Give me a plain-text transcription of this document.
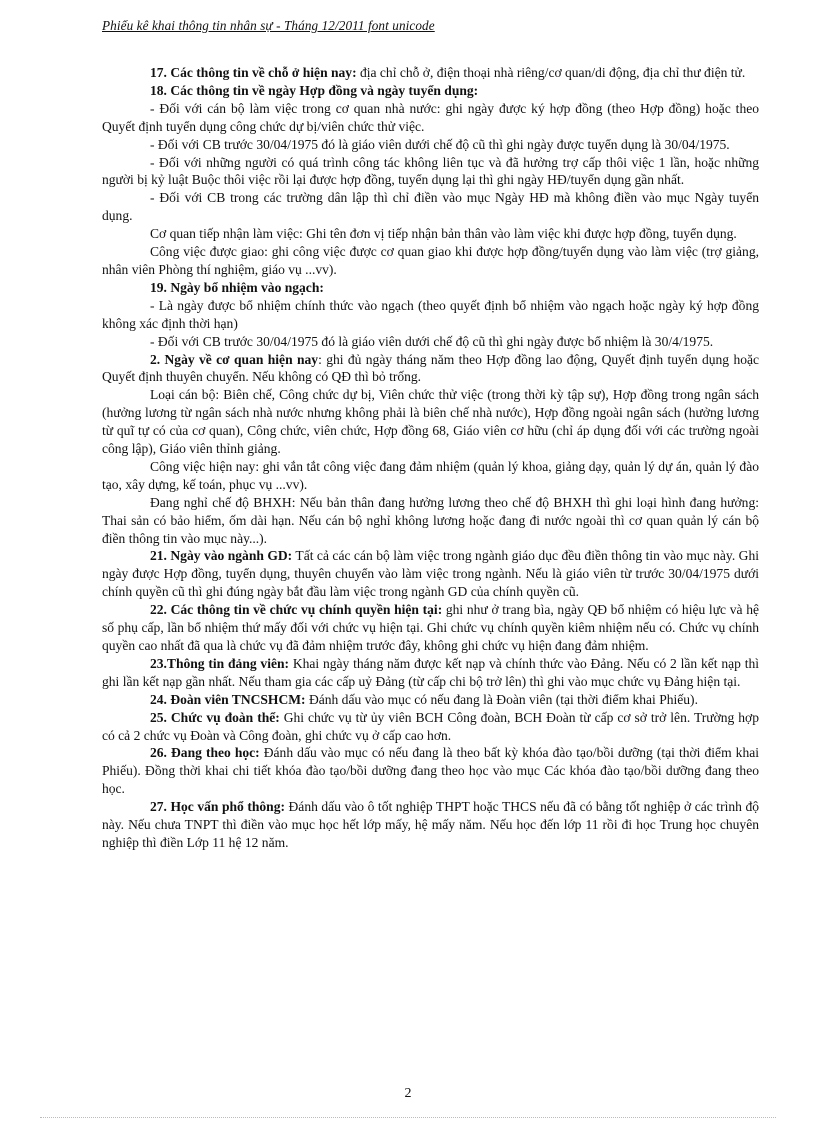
Phiếu kê khai thông tin nhân sự - Tháng 12/2011 font unicode

17. Các thông tin về chỗ ở hiện nay: địa chỉ chỗ ở, điện thoại nhà riêng/cơ quan/di động, địa chỉ thư điện tử.

18. Các thông tin về ngày Hợp đồng và ngày tuyển dụng:

- Đối với cán bộ làm việc trong cơ quan nhà nước: ghi ngày được ký hợp đồng (theo Hợp đồng) hoặc theo Quyết định tuyển dụng công chức dự bị/viên chức thử việc.

- Đối với CB trước 30/04/1975 đó là giáo viên dưới chế độ cũ thì ghi ngày được tuyển dụng là 30/04/1975.

- Đối với những người có quá trình công tác không liên tục và đã hưởng trợ cấp thôi việc 1 lần, hoặc những người bị kỷ luật Buộc thôi việc rồi lại được hợp đồng, tuyển dụng lại thì ghi ngày HĐ/tuyển dụng gần nhất.

- Đối với CB trong các trường dân lập thì chỉ điền vào mục Ngày HĐ mà không điền vào mục Ngày tuyển dụng.

Cơ quan tiếp nhận làm việc: Ghi tên đơn vị tiếp nhận bản thân vào làm việc khi được hợp đồng, tuyển dụng.

Công việc được giao: ghi công việc được cơ quan giao khi được hợp đồng/tuyển dụng vào làm việc (trợ giảng, nhân viên Phòng thí nghiệm, giáo vụ ...vv).

19. Ngày bổ nhiệm vào ngạch:

- Là ngày được bổ nhiệm chính thức vào ngạch (theo quyết định bổ nhiệm vào ngạch hoặc ngày ký hợp đồng không xác định thời hạn)

- Đối với CB trước 30/04/1975 đó là giáo viên dưới chế độ cũ thì ghi ngày được bổ nhiệm là 30/4/1975.

2. Ngày về cơ quan hiện nay: ghi đủ ngày tháng năm theo Hợp đồng lao động, Quyết định tuyển dụng hoặc Quyết định thuyên chuyển. Nếu không có QĐ thì bỏ trống.

Loại cán bộ: Biên chế, Công chức dự bị, Viên chức thử việc (trong thời kỳ tập sự), Hợp đồng trong ngân sách (hưởng lương từ ngân sách nhà nước nhưng không phải là biên chế nhà nước), Hợp đồng ngoài ngân sách (hưởng lương từ quĩ tự có của cơ quan), Công chức, viên chức, Hợp đồng 68, Giáo viên cơ hữu (chỉ áp dụng đối với các trường ngoài công lập), Giáo viên thỉnh giảng.

Công việc hiện nay: ghi vắn tắt công việc đang đảm nhiệm (quản lý khoa, giảng dạy, quản lý dự án, quản lý đào tạo, xây dựng, kế toán, phục vụ ...vv).

Đang nghỉ chế độ BHXH: Nếu bản thân đang hưởng lương theo chế độ BHXH thì ghi loại hình đang hưởng: Thai sản có bảo hiểm, ốm dài hạn. Nếu cán bộ nghỉ không lương hoặc đang đi nước ngoài thì cơ quan quản lý cán bộ điền thông tin vào mục này...).

21. Ngày vào ngành GD: Tất cả các cán bộ làm việc trong ngành giáo dục đều điền thông tin vào mục này. Ghi ngày được Hợp đồng, tuyển dụng, thuyên chuyển vào làm việc trong ngành. Nếu là giáo viên từ trước 30/04/1975 dưới chính quyền cũ thì ghi đúng ngày bắt đầu làm việc trong ngành GD của chính quyền cũ.

22. Các thông tin về chức vụ chính quyền hiện tại: ghi như ở trang bìa, ngày QĐ bổ nhiệm có hiệu lực và hệ số phụ cấp, lần bổ nhiệm thứ mấy đối với chức vụ hiện tại. Ghi chức vụ chính quyền kiêm nhiệm nếu có. Chức vụ chính quyền cao nhất đã qua là chức vụ đã đảm nhiệm trước đây, không ghi chức vụ hiện đang đảm nhiệm.

23.Thông tin đảng viên: Khai ngày tháng năm được kết nạp và chính thức vào Đảng. Nếu có 2 lần kết nạp thì ghi lần kết nạp gần nhất. Nếu tham gia các cấp uỷ Đảng (từ cấp chi bộ trở lên) thì ghi vào mục chức vụ Đảng hiện tại.

24. Đoàn viên TNCSHCM: Đánh dấu vào mục có nếu đang là Đoàn viên (tại thời điểm khai Phiếu).

25. Chức vụ đoàn thể: Ghi chức vụ từ ủy viên BCH Công đoàn, BCH Đoàn từ cấp cơ sở trở lên. Trường hợp có cả 2 chức vụ Đoàn và Công đoàn, ghi chức vụ ở cấp cao hơn.

26. Đang theo học: Đánh dấu vào mục có nếu đang là theo bất kỳ khóa đào tạo/bồi dưỡng (tại thời điểm khai Phiếu). Đồng thời khai chi tiết khóa đào tạo/bồi dưỡng đang theo học vào mục Các khóa đào tạo/bồi dưỡng đang theo học.

27. Học vấn phổ thông: Đánh dấu vào ô tốt nghiệp THPT hoặc THCS nếu đã có bằng tốt nghiệp ở các trình độ này. Nếu chưa TNPT thì điền vào mục học hết lớp mấy, hệ mấy năm. Nếu học đến lớp 11 rồi đi học Trung học chuyên nghiệp thì điền Lớp 11 hệ 12 năm.

2
